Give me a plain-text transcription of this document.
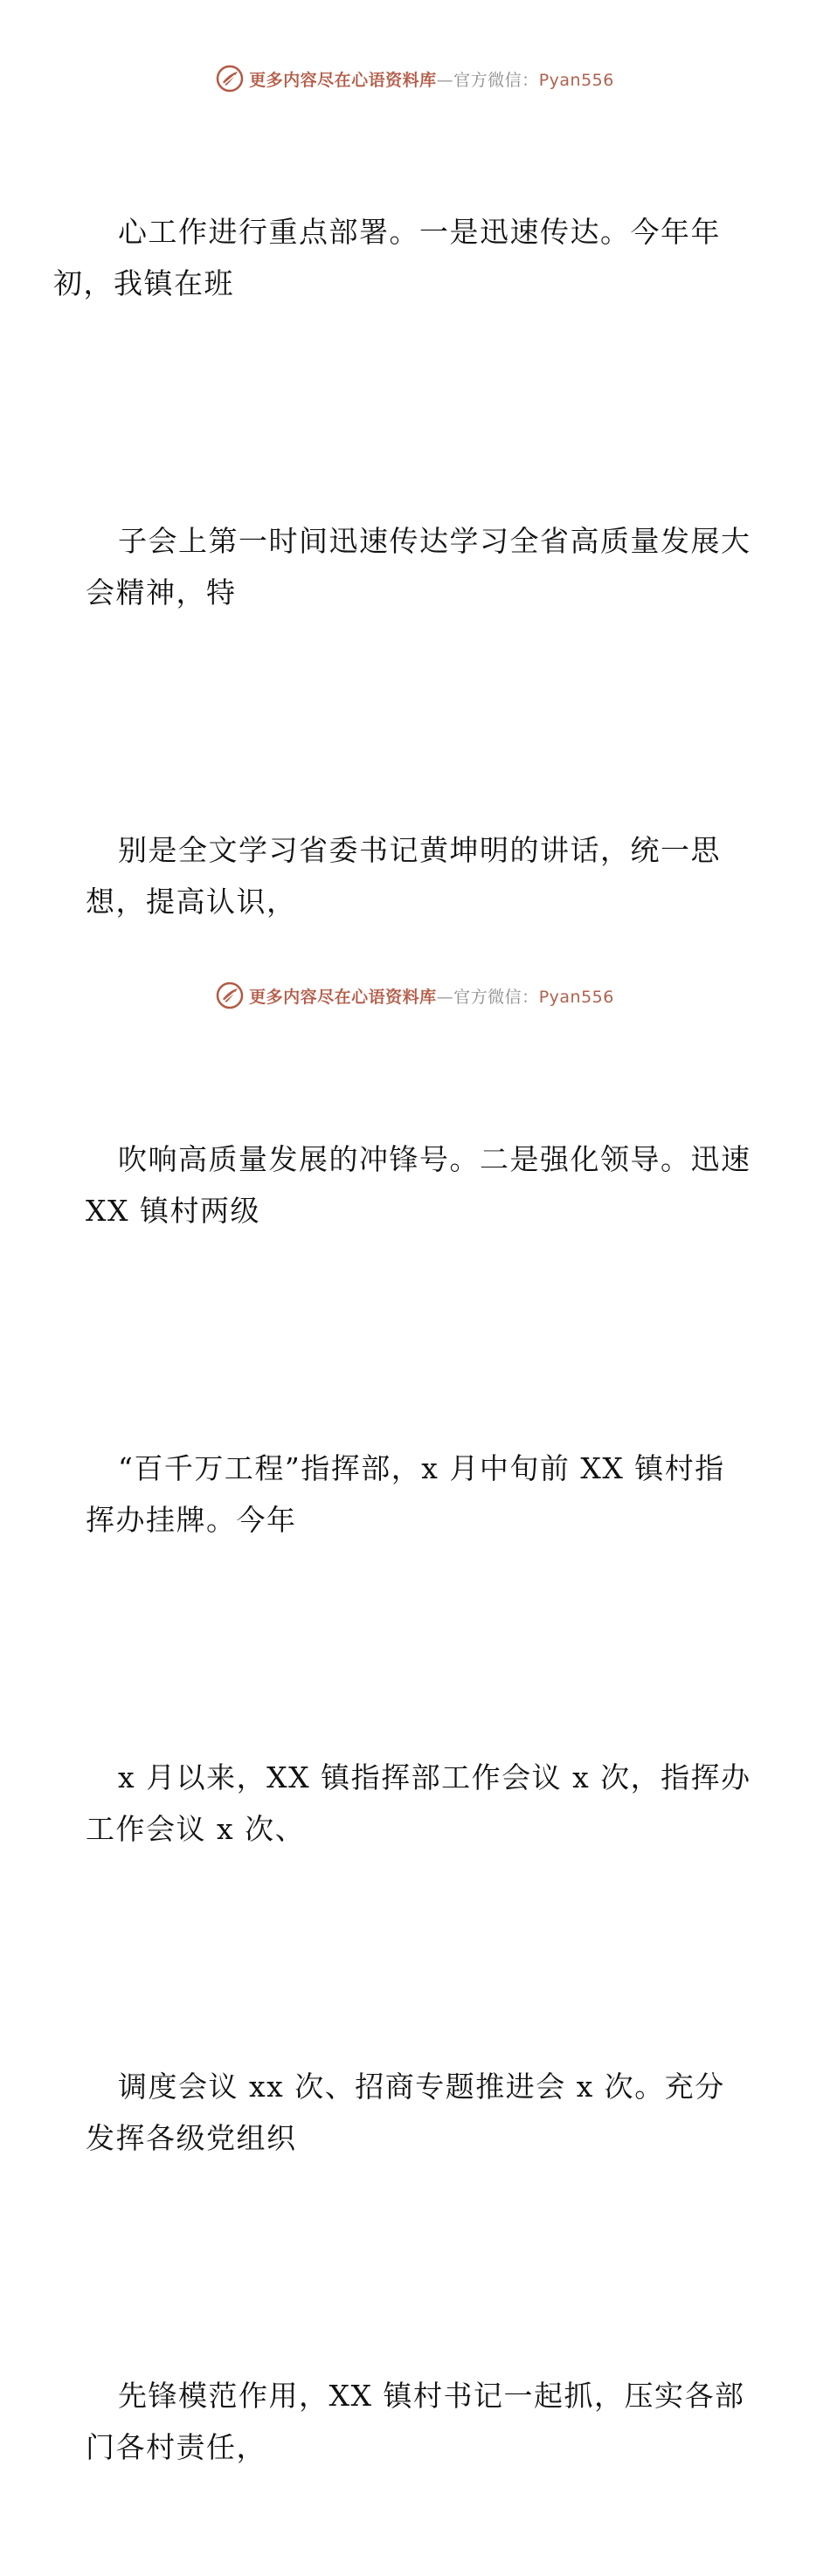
更多内容尽在心语资料库—官方微信：Pyan556

心工作进行重点部署。一是迅速传达。今年年
初，我镇在班

子会上第一时间迅速传达学习全省高质量发展大
会精神，特

别是全文学习省委书记黄坤明的讲话，统一思
想，提高认识，

吹响高质量发展的冲锋号。二是强化领导。迅速
XX 镇村两级

“百千万工程”指挥部，x 月中旬前 XX 镇村指
挥办挂牌。今年

x 月以来，XX 镇指挥部工作会议 x 次，指挥办
工作会议 x 次、

调度会议 xx 次、招商专题推进会 x 次。充分
发挥各级党组织

先锋模范作用，XX 镇村书记一起抓，压实各部
门各村责任，

更多内容尽在心语资料库—官方微信：Pyan556
